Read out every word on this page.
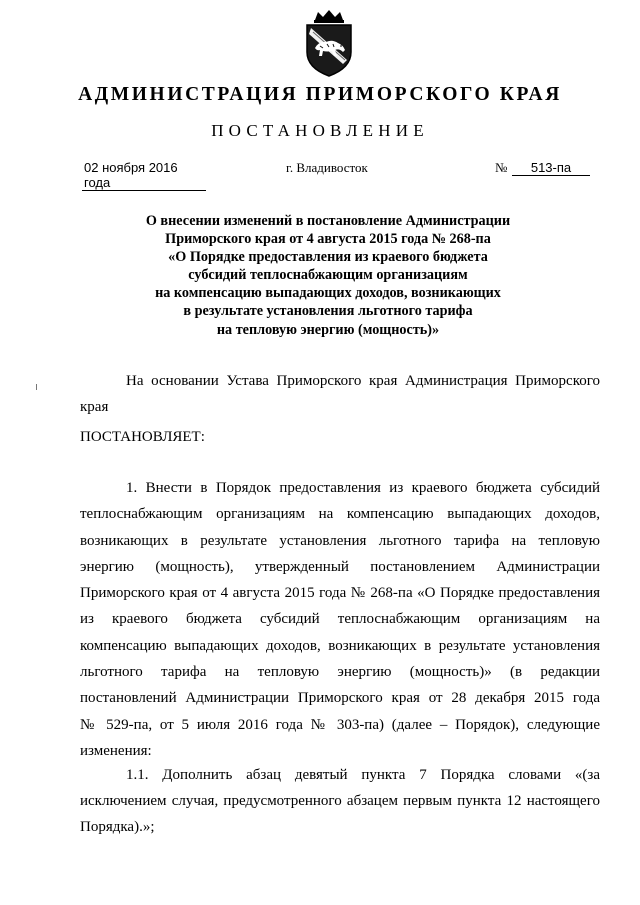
АДМИНИСТРАЦИЯ ПРИМОРСКОГО КРАЯ
ПОСТАНОВЛЕНИЕ
02 ноября 2016 года
г. Владивосток	№	513-па
О внесении изменений в постановление Администрации
Приморского края от 4 августа 2015 года № 268-па
«О Порядке предоставления из краевого бюджета
субсидий теплоснабжающим организациям
на компенсацию выпадающих доходов, возникающих
в результате установления льготного тарифа
на тепловую энергию (мощность)»
На основании Устава Приморского края Администрация Приморского
края
ПОСТАНОВЛЯЕТ:
1. Внести в Порядок предоставления из краевого бюджета субсидий
теплоснабжающим организациям на компенсацию выпадающих доходов,
возникающих в результате установления льготного тарифа на тепловую
энергию (мощность), утвержденный постановлением Администрации
Приморского края от 4 августа 2015 года № 268-па «О Порядке предоставления
из краевого бюджета субсидий теплоснабжающим организациям на
компенсацию выпадающих доходов, возникающих в результате установления
льготного тарифа на тепловую энергию (мощность)» (в редакции
постановлений Администрации Приморского края от 28 декабря 2015 года
№ 529-па, от 5 июля 2016 года № 303-па) (далее – Порядок), следующие
изменения:
1.1. Дополнить абзац девятый пункта 7 Порядка словами «(за
исключением случая, предусмотренного абзацем первым пункта 12 настоящего
Порядка).»;
